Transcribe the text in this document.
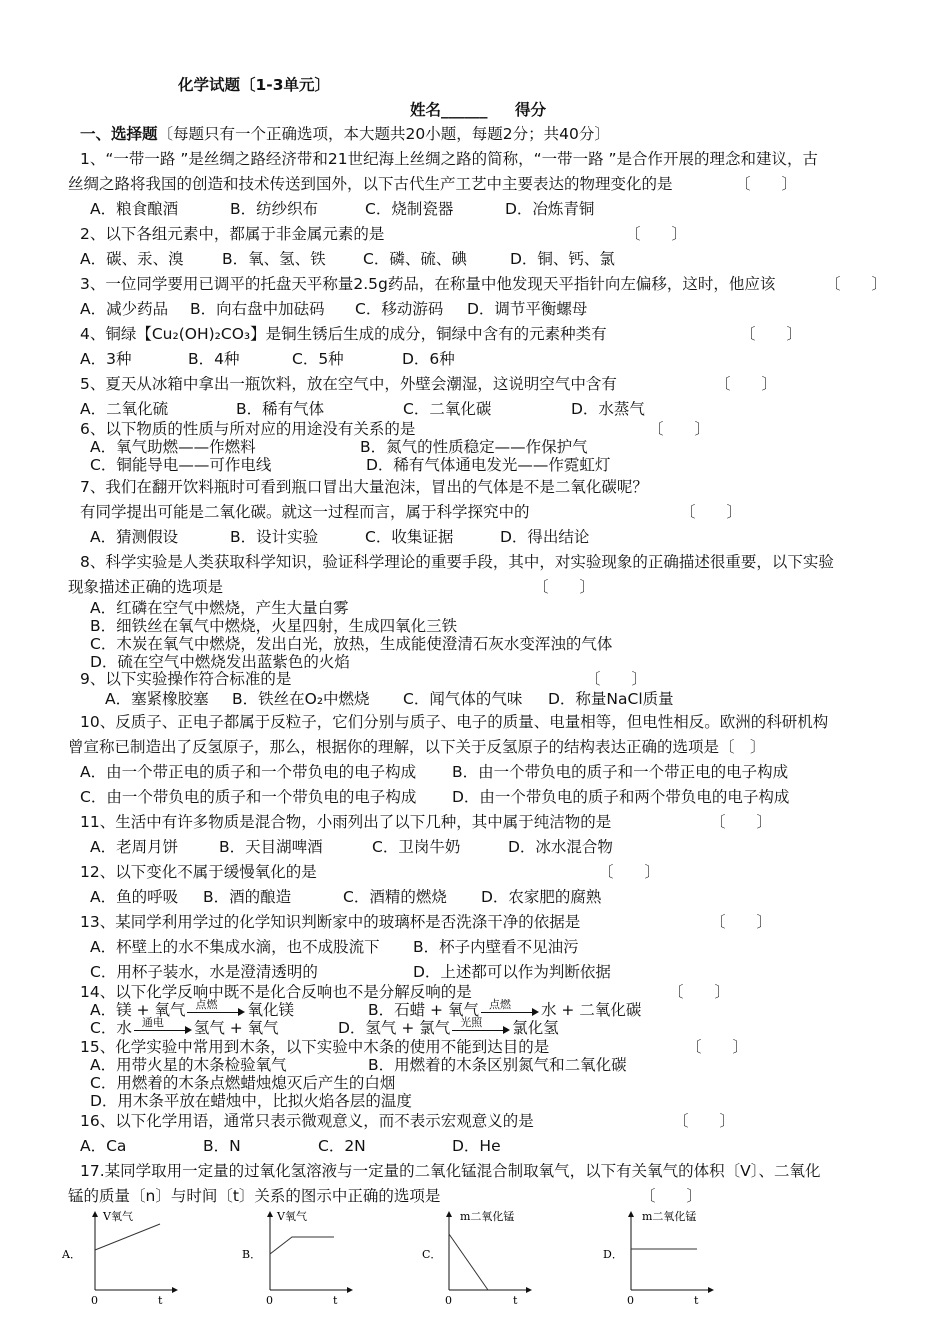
化学试题〔1-3单元〕
姓名______ 得分
一、选择题〔每题只有一个正确选项，本大题共20小题，每题2分；共40分〕
1、“一带一路 ”是丝绸之路经济带和21世纪海上丝绸之路的简称，“一带一路 ”是合作开展的理念和建议，古
丝绸之路将我国的创造和技术传送到国外，以下古代生产工艺中主要表达的物理变化的是	〔　　〕
A．粮食酿酒	B．纺纱织布	C．烧制瓷器	D．冶炼青铜
2、以下各组元素中，都属于非金属元素的是	〔　　〕
A．碳、汞、溴 B．氧、氢、铁 C．磷、硫、碘	D．铜、钙、氯
3、一位同学要用已调平的托盘天平称量2.5g药品，在称量中他发现天平指针向左偏移，这时，他应该	〔　　〕
A．减少药品 B．向右盘中加砝码 C．移动游码 D．调节平衡螺母
4、铜绿【Cu₂(OH)₂CO₃】是铜生锈后生成的成分，铜绿中含有的元素种类有	〔　　〕
A．3种	B．4种	C．5种	D．6种
5、夏天从冰箱中拿出一瓶饮料，放在空气中，外壁会潮湿，这说明空气中含有	〔　　〕
A．二氧化硫	B．稀有气体	C．二氧化碳	D．水蒸气
6、以下物质的性质与所对应的用途没有关系的是	〔　　〕
A．氧气助燃——作燃料	B．氮气的性质稳定——作保护气
C．铜能导电——可作电线	D．稀有气体通电发光——作霓虹灯
7、我们在翻开饮料瓶时可看到瓶口冒出大量泡沫，冒出的气体是不是二氧化碳呢？
有同学提出可能是二氧化碳。就这一过程而言，属于科学探究中的	〔　　〕
A．猜测假设	B．设计实验	C．收集证据	D．得出结论
8、科学实验是人类获取科学知识，验证科学理论的重要手段，其中，对实验现象的正确描述很重要，以下实验
现象描述正确的选项是	〔　　〕
A．红磷在空气中燃烧，产生大量白雾
B．细铁丝在氧气中燃烧，火星四射，生成四氧化三铁
C．木炭在氧气中燃烧，发出白光，放热，生成能使澄清石灰水变浑浊的气体
D．硫在空气中燃烧发出蓝紫色的火焰
9、以下实验操作符合标准的是	〔　　〕
A．塞紧橡胶塞 B．铁丝在O₂中燃烧 C．闻气体的气味 D．称量NaCl质量
10、反质子、正电子都属于反粒子，它们分别与质子、电子的质量、电量相等，但电性相反。欧洲的科研机构
曾宣称已制造出了反氢原子，那么，根据你的理解，以下关于反氢原子的结构表达正确的选项是〔　〕
A．由一个带正电的质子和一个带负电的电子构成 B．由一个带负电的质子和一个带正电的电子构成
C．由一个带负电的质子和一个带负电的电子构成 D．由一个带负电的质子和两个带负电的电子构成
11、生活中有许多物质是混合物，小雨列出了以下几种，其中属于纯洁物的是	〔　　〕
A．老周月饼	B．天目湖啤酒	C．卫岗牛奶	D．冰水混合物
12、以下变化不属于缓慢氧化的是	〔　　〕
A．鱼的呼吸 B．酒的酿造	C．酒精的燃烧 D．农家肥的腐熟
13、某同学利用学过的化学知识判断家中的玻璃杯是否洗涤干净的依据是	〔　　〕
A．杯壁上的水不集成水滴，也不成股流下 B．杯子内壁看不见油污
C．用杯子装水，水是澄清透明的	D．上述都可以作为判断依据
14、以下化学反响中既不是化合反响也不是分解反响的是	〔　　〕
A．镁 + 氧气 点燃 氧化镁	B．石蜡 + 氧气 点燃 水 + 二氧化碳
C．水 通电 氢气 + 氧气	D．氢气 + 氯气 光照 氯化氢
15、化学实验中常用到木条，以下实验中木条的使用不能到达目的是	〔　　〕
A．用带火星的木条检验氧气	B．用燃着的木条区别氮气和二氧化碳
C．用燃着的木条点燃蜡烛熄灭后产生的白烟
D．用木条平放在蜡烛中，比拟火焰各层的温度
16、以下化学用语，通常只表示微观意义，而不表示宏观意义的是	〔　　〕
A．Ca	B．N	C．2N	D．He
17.某同学取用一定量的过氧化氢溶液与一定量的二氧化锰混合制取氧气，以下有关氧气的体积〔V〕、二氧化
锰的质量〔n〕与时间〔t〕关系的图示中正确的选项是	〔　　〕
A．
V氧气
0	t
B．
V氧气
0	t
C．
m二氧化锰
0	t
D．
m二氧化锰
0	t
